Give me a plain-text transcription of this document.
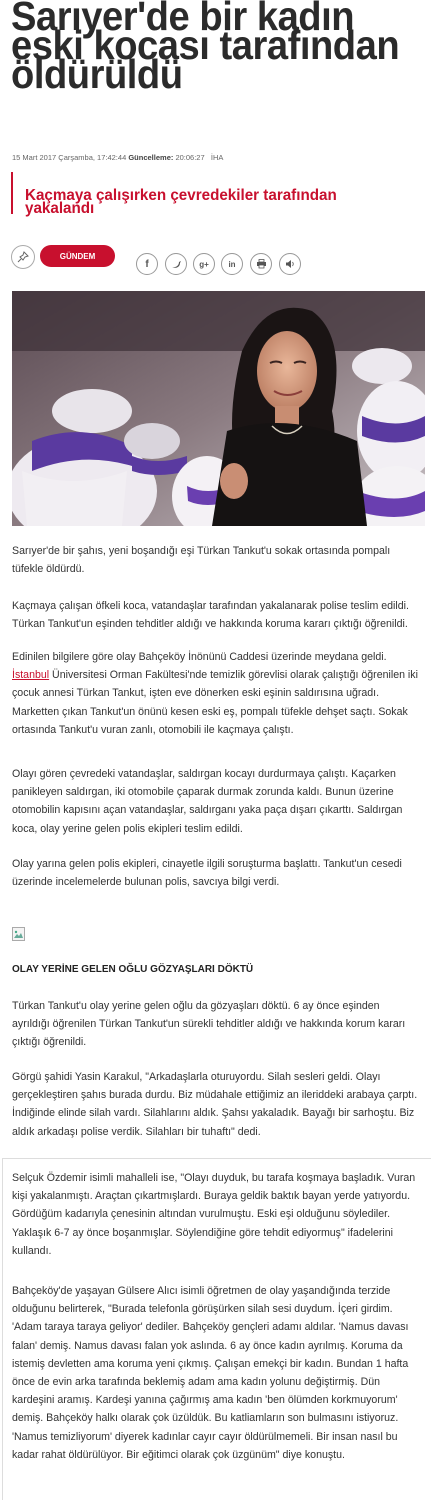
Sarıyer'de bir kadın eski kocası tarafından öldürüldü
15 Mart 2017 Çarşamba, 17:42:44 Güncelleme: 20:06:27 İHA
Kaçmaya çalışırken çevredekiler tarafından yakalandı
GÜNDEM
f	g+	in

Sarıyer'de bir şahıs, yeni boşandığı eşi Türkan Tankut'u sokak ortasında pompalı tüfekle öldürdü.

Kaçmaya çalışan öfkeli koca, vatandaşlar tarafından yakalanarak polise teslim edildi. Türkan Tankut'un eşinden tehditler aldığı ve hakkında koruma kararı çıktığı öğrenildi.

Edinilen bilgilere göre olay Bahçeköy İnönünü Caddesi üzerinde meydana geldi. İstanbul Üniversitesi Orman Fakültesi'nde temizlik görevlisi olarak çalıştığı öğrenilen iki çocuk annesi Türkan Tankut, işten eve dönerken eski eşinin saldırısına uğradı. Marketten çıkan Tankut'un önünü kesen eski eş, pompalı tüfekle dehşet saçtı. Sokak ortasında Tankut'u vuran zanlı, otomobili ile kaçmaya çalıştı.

Olayı gören çevredeki vatandaşlar, saldırgan kocayı durdurmaya çalıştı. Kaçarken panikleyen saldırgan, iki otomobile çaparak durmak zorunda kaldı. Bunun üzerine otomobilin kapısını açan vatandaşlar, saldırganı yaka paça dışarı çıkarttı. Saldırgan koca, olay yerine gelen polis ekipleri teslim edildi.

Olay yarına gelen polis ekipleri, cinayetle ilgili soruşturma başlattı. Tankut'un cesedi üzerinde incelemelerde bulunan polis, savcıya bilgi verdi.

OLAY YERİNE GELEN OĞLU GÖZYAŞLARI DÖKTÜ

Türkan Tankut'u olay yerine gelen oğlu da gözyaşları döktü. 6 ay önce eşinden ayrıldığı öğrenilen Türkan Tankut'un sürekli tehditler aldığı ve hakkında korum kararı çıktığı öğrenildi.

Görgü şahidi Yasin Karakul, "Arkadaşlarla oturuyordu. Silah sesleri geldi. Olayı gerçekleştiren şahıs burada durdu. Biz müdahale ettiğimiz an ileriddeki arabaya çarptı. İndiğinde elinde silah vardı. Silahlarını aldık. Şahsı yakaladık. Bayağı bir sarhoştu. Biz aldık arkadaşı polise verdik. Silahları bir tuhaftı" dedi.

Selçuk Özdemir isimli mahalleli ise, "Olayı duyduk, bu tarafa koşmaya başladık. Vuran kişi yakalanmıştı. Araçtan çıkartmışlardı. Buraya geldik baktık bayan yerde yatıyordu. Gördüğüm kadarıyla çenesinin altından vurulmuştu. Eski eşi olduğunu söylediler. Yaklaşık 6-7 ay önce boşanmışlar. Söylendiğine göre tehdit ediyormuş" ifadelerini kullandı.

Bahçeköy'de yaşayan Gülsere Alıcı isimli öğretmen de olay yaşandığında terzide olduğunu belirterek, "Burada telefonla görüşürken silah sesi duydum. İçeri girdim. 'Adam taraya taraya geliyor' dediler. Bahçeköy gençleri adamı aldılar. 'Namus davası falan' demiş. Namus davası falan yok aslında. 6 ay önce kadın ayrılmış. Koruma da istemiş devletten ama koruma yeni çıkmış. Çalışan emekçi bir kadın. Bundan 1 hafta önce de evin arka tarafında beklemiş adam ama kadın yolunu değiştirmiş. Dün kardeşini aramış. Kardeşi yanına çağırmış ama kadın 'ben ölümden korkmuyorum' demiş. Bahçeköy halkı olarak çok üzüldük. Bu katliamların son bulmasını istiyoruz. 'Namus temizliyorum' diyerek kadınlar cayır cayır öldürülmemeli. Bir insan nasıl bu kadar rahat öldürülüyor. Bir eğitimci olarak çok üzgünüm" diye konuştu.
